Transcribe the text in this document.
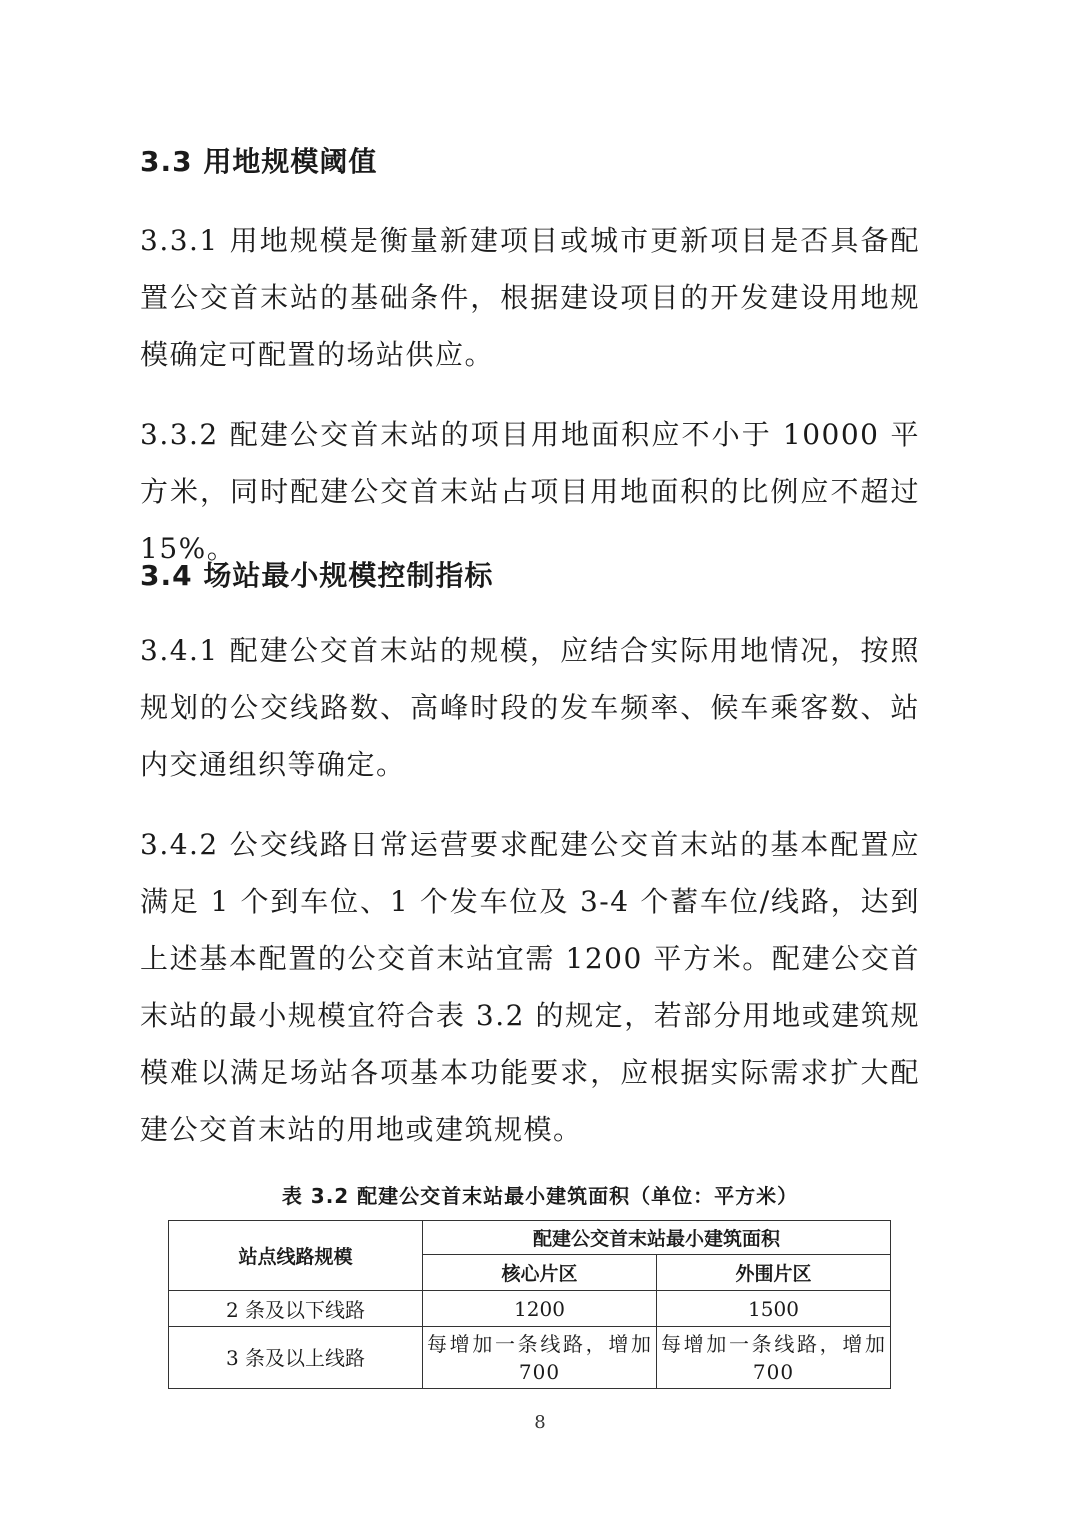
3.3 用地规模阈值

3.3.1 用地规模是衡量新建项目或城市更新项目是否具备配置公交首末站的基础条件，根据建设项目的开发建设用地规模确定可配置的场站供应。

3.3.2 配建公交首末站的项目用地面积应不小于 10000 平方米，同时配建公交首末站占项目用地面积的比例应不超过 15%。

3.4 场站最小规模控制指标

3.4.1 配建公交首末站的规模，应结合实际用地情况，按照规划的公交线路数、高峰时段的发车频率、候车乘客数、站内交通组织等确定。

3.4.2 公交线路日常运营要求配建公交首末站的基本配置应满足 1 个到车位、1 个发车位及 3-4 个蓄车位/线路，达到上述基本配置的公交首末站宜需 1200 平方米。配建公交首末站的最小规模宜符合表 3.2 的规定，若部分用地或建筑规模难以满足场站各项基本功能要求，应根据实际需求扩大配建公交首末站的用地或建筑规模。

表 3.2 配建公交首末站最小建筑面积（单位：平方米）
站点线路规模	配建公交首末站最小建筑面积	
	核心片区	外围片区
2 条及以下线路	1200	1500
3 条及以上线路	每增加一条线路，增加 700	每增加一条线路，增加 700
8
